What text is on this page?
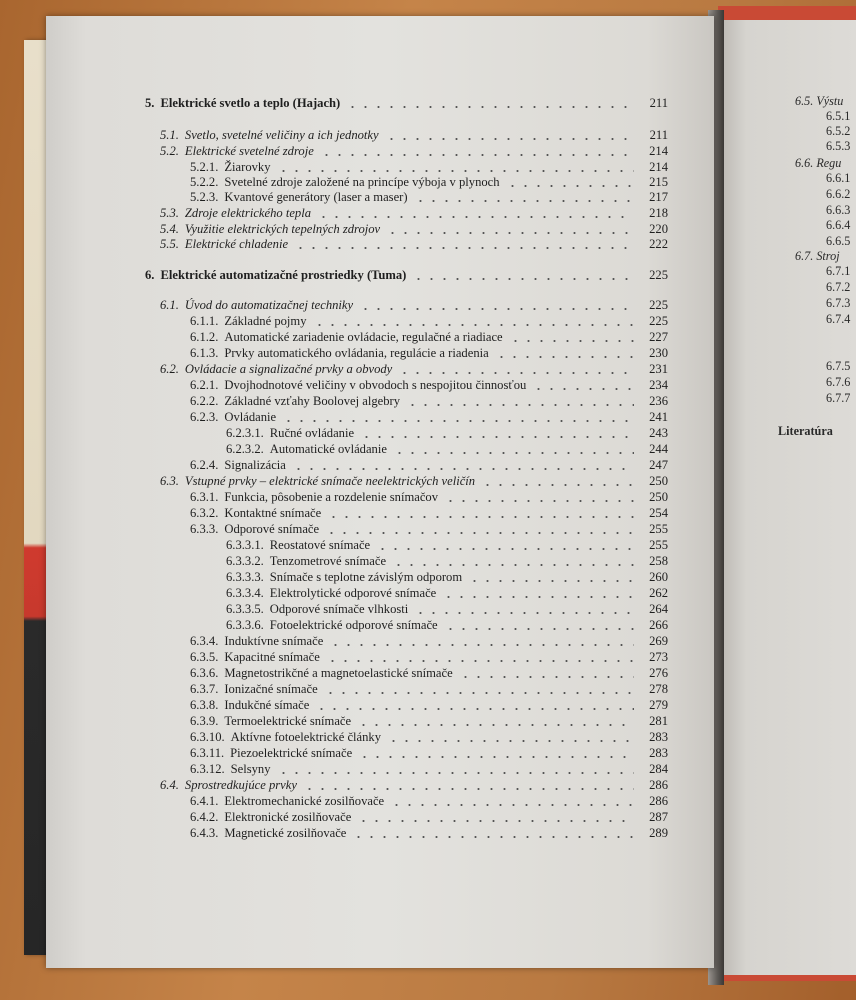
5. Elektrické svetlo a teplo (Hajach)	211
5.1. Svetlo, svetelné veličiny a ich jednotky	211
5.2. Elektrické svetelné zdroje	214
5.2.1. Žiarovky	214
5.2.2. Svetelné zdroje založené na princípe výboja v plynoch	215
5.2.3. Kvantové generátory (laser a maser)	217
5.3. Zdroje elektrického tepla	218
5.4. Využitie elektrických tepelných zdrojov	220
5.5. Elektrické chladenie	222
6. Elektrické automatizačné prostriedky (Tuma)	225
6.1. Úvod do automatizačnej techniky	225
6.1.1. Základné pojmy	225
6.1.2. Automatické zariadenie ovládacie, regulačné a riadiace	227
6.1.3. Prvky automatického ovládania, regulácie a riadenia	230
6.2. Ovládacie a signalizačné prvky a obvody	231
6.2.1. Dvojhodnotové veličiny v obvodoch s nespojitou činnosťou	234
6.2.2. Základné vzťahy Boolovej algebry	236
6.2.3. Ovládanie	241
6.2.3.1. Ručné ovládanie	243
6.2.3.2. Automatické ovládanie	244
6.2.4. Signalizácia	247
6.3. Vstupné prvky – elektrické snímače neelektrických veličín	250
6.3.1. Funkcia, pôsobenie a rozdelenie snímačov	250
6.3.2. Kontaktné snímače	254
6.3.3. Odporové snímače	255
6.3.3.1. Reostatové snímače	255
6.3.3.2. Tenzometrové snímače	258
6.3.3.3. Snímače s teplotne závislým odporom	260
6.3.3.4. Elektrolytické odporové snímače	262
6.3.3.5. Odporové snímače vlhkosti	264
6.3.3.6. Fotoelektrické odporové snímače	266
6.3.4. Induktívne snímače	269
6.3.5. Kapacitné snímače	273
6.3.6. Magnetostrikčné a magnetoelastické snímače	276
6.3.7. Ionizačné snímače	278
6.3.8. Indukčné símače	279
6.3.9. Termoelektrické snímače	281
6.3.10. Aktívne fotoelektrické články	283
6.3.11. Piezoelektrické snímače	283
6.3.12. Selsyny	284
6.4. Sprostredkujúce prvky	286
6.4.1. Elektromechanické zosilňovače	286
6.4.2. Elektronické zosilňovače	287
6.4.3. Magnetické zosilňovače	289
6.5. Výstu
6.5.1
6.5.2
6.5.3
6.6. Regu
6.6.1
6.6.2
6.6.3
6.6.4
6.6.5
6.7. Stroj
6.7.1
6.7.2
6.7.3
6.7.4
6.7.5
6.7.6
6.7.7
Literatúra
